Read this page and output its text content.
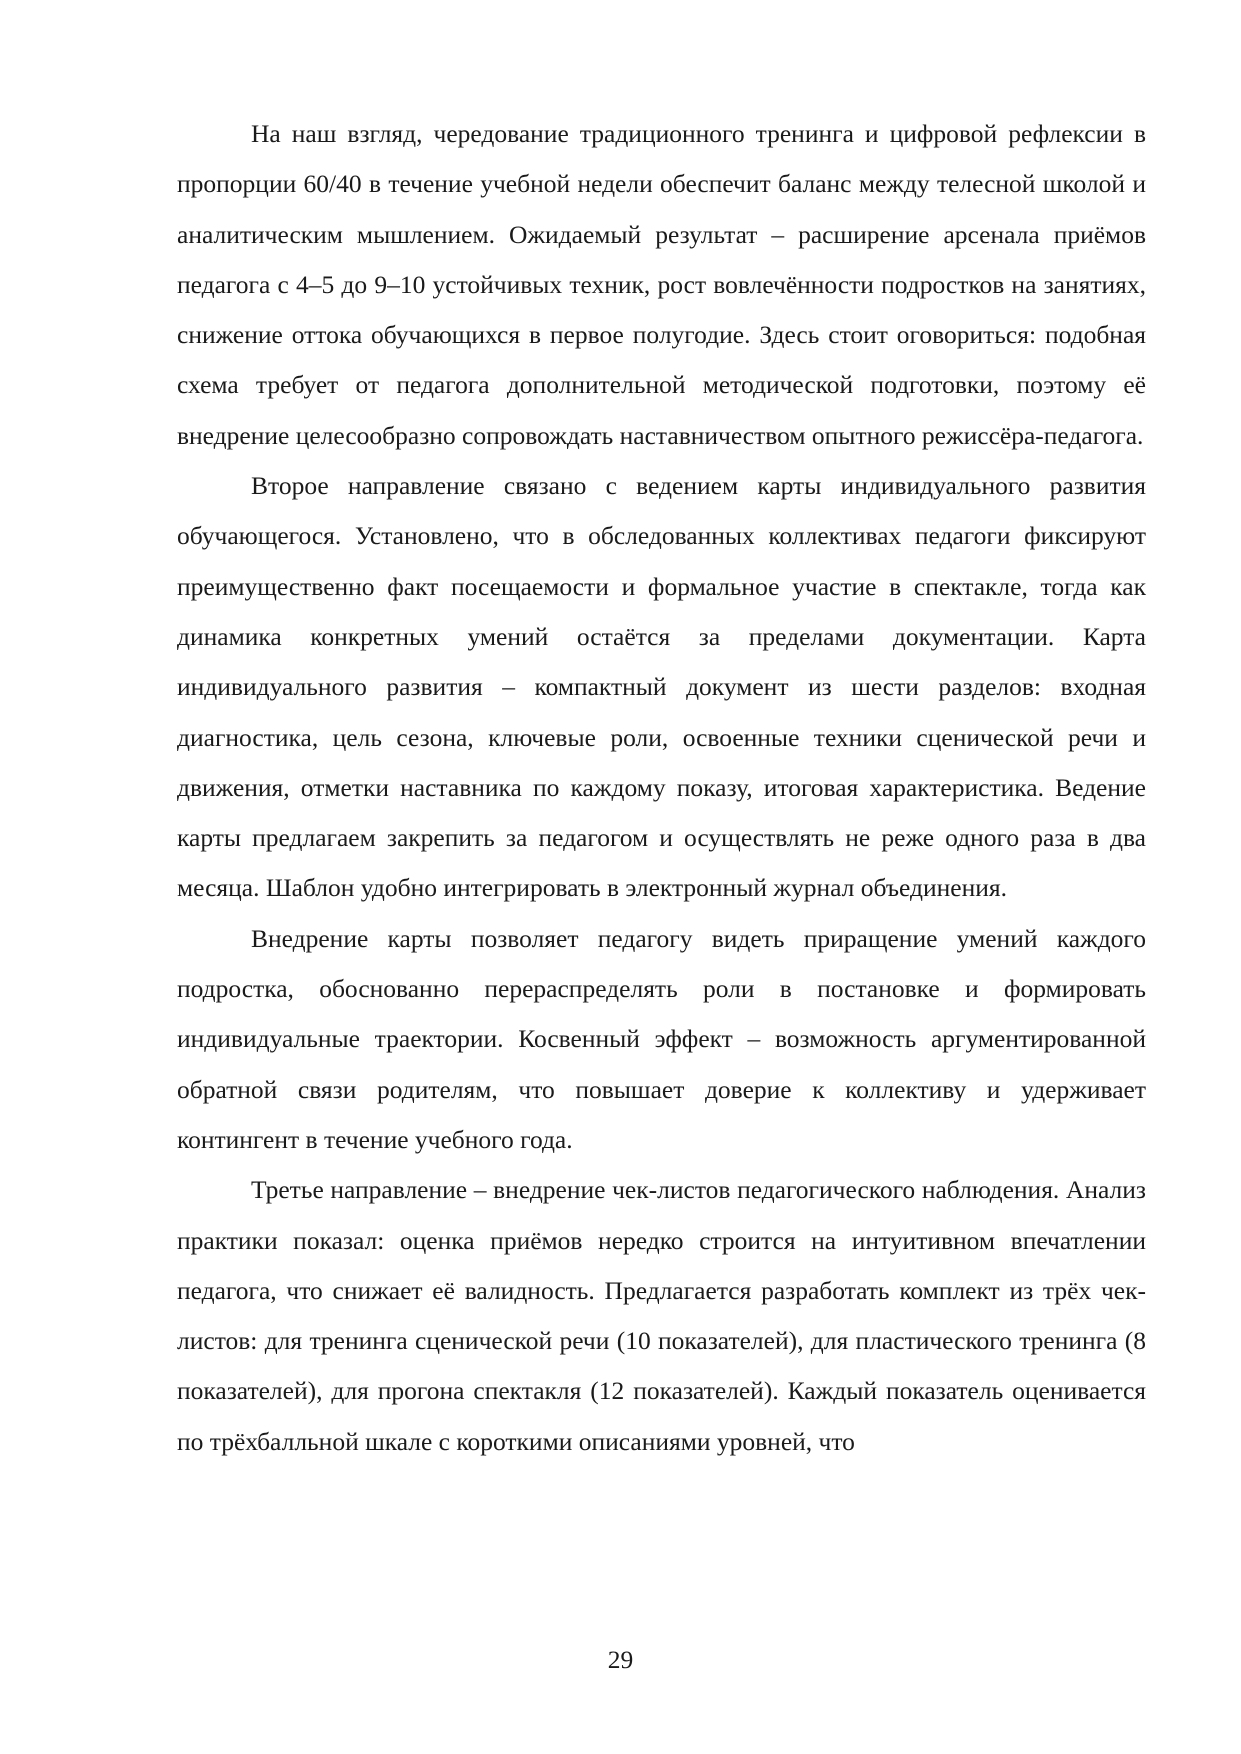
На наш взгляд, чередование традиционного тренинга и цифровой рефлексии в пропорции 60/40 в течение учебной недели обеспечит баланс между телесной школой и аналитическим мышлением. Ожидаемый результат – расширение арсенала приёмов педагога с 4–5 до 9–10 устойчивых техник, рост вовлечённости подростков на занятиях, снижение оттока обучающихся в первое полугодие. Здесь стоит оговориться: подобная схема требует от педагога дополнительной методической подготовки, поэтому её внедрение целесообразно сопровождать наставничеством опытного режиссёра-педагога.

Второе направление связано с ведением карты индивидуального развития обучающегося. Установлено, что в обследованных коллективах педагоги фиксируют преимущественно факт посещаемости и формальное участие в спектакле, тогда как динамика конкретных умений остаётся за пределами документации. Карта индивидуального развития – компактный документ из шести разделов: входная диагностика, цель сезона, ключевые роли, освоенные техники сценической речи и движения, отметки наставника по каждому показу, итоговая характеристика. Ведение карты предлагаем закрепить за педагогом и осуществлять не реже одного раза в два месяца. Шаблон удобно интегрировать в электронный журнал объединения.

Внедрение карты позволяет педагогу видеть приращение умений каждого подростка, обоснованно перераспределять роли в постановке и формировать индивидуальные траектории. Косвенный эффект – возможность аргументированной обратной связи родителям, что повышает доверие к коллективу и удерживает контингент в течение учебного года.

Третье направление – внедрение чек-листов педагогического наблюдения. Анализ практики показал: оценка приёмов нередко строится на интуитивном впечатлении педагога, что снижает её валидность. Предлагается разработать комплект из трёх чек-листов: для тренинга сценической речи (10 показателей), для пластического тренинга (8 показателей), для прогона спектакля (12 показателей). Каждый показатель оценивается по трёхбалльной шкале с короткими описаниями уровней, что

29
